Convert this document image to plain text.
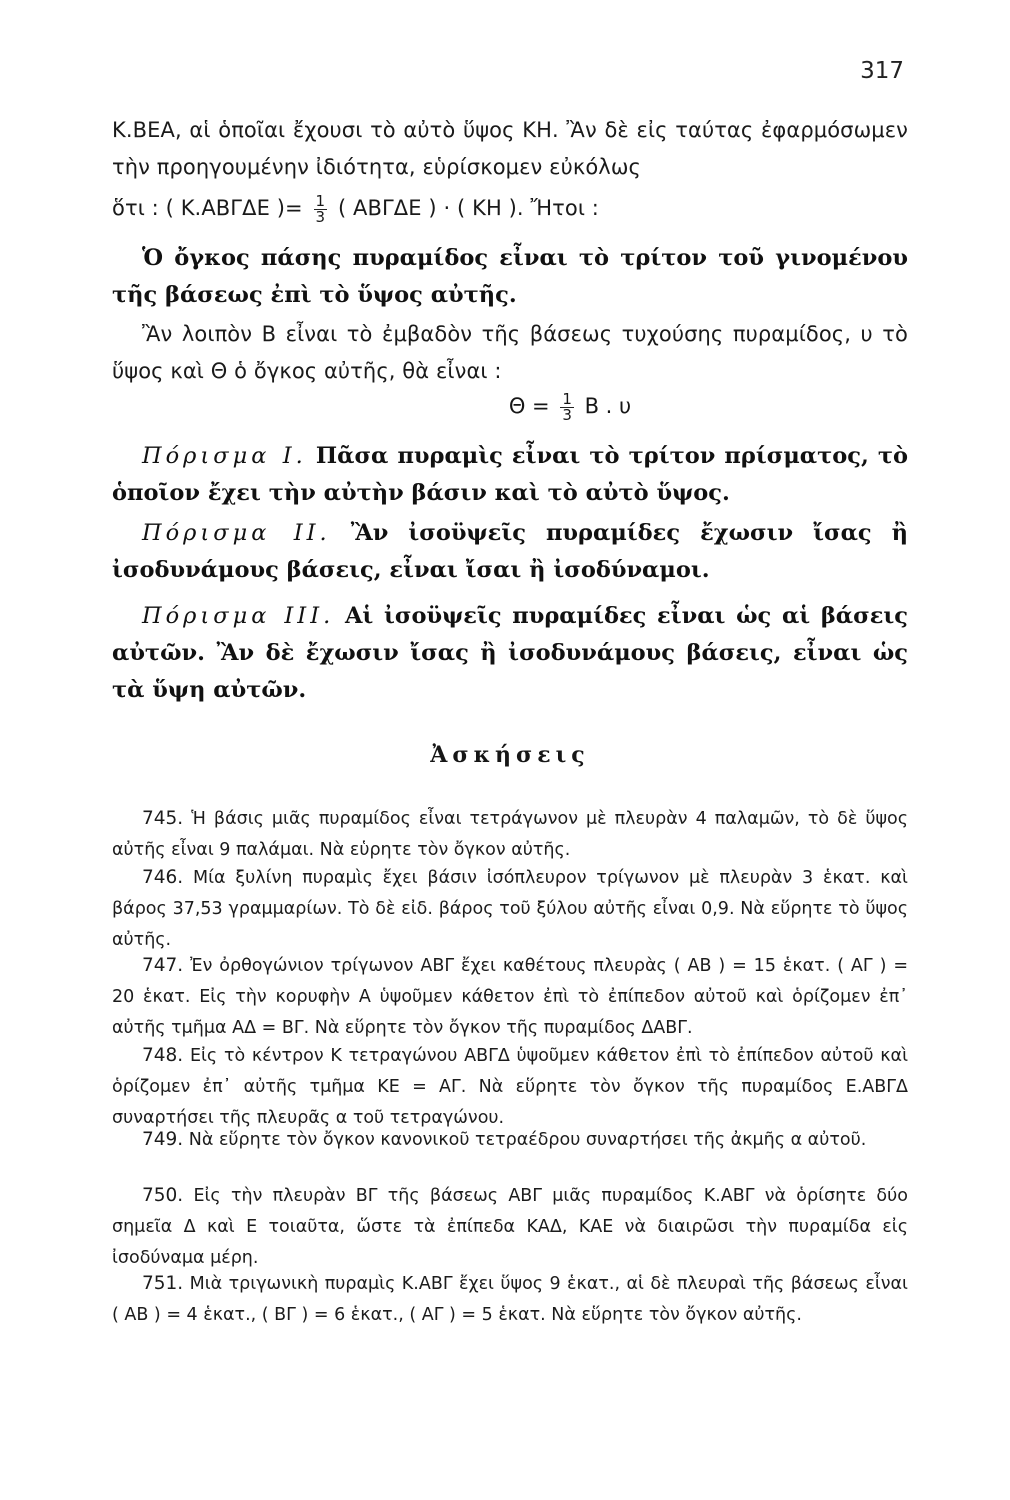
317

Κ.ΒΕΑ, αἱ ὁποῖαι ἔχουσι τὸ αὐτὸ ὕψος ΚΗ. Ἂν δὲ εἰς ταύτας ἐφαρμόσωμεν τὴν προηγουμένην ἰδιότητα, εὑρίσκομεν εὐκόλως

ὅτι : ( Κ.ΑΒΓΔΕ )= $\frac{1}{3}$ ( ΑΒΓΔΕ ) · ( ΚΗ ). Ἤτοι :

Ὁ ὄγκος πάσης πυραμίδος εἶναι τὸ τρίτον τοῦ γινομένου τῆς βάσεως ἐπὶ τὸ ὕψος αὐτῆς.

Ἂν λοιπὸν Β εἶναι τὸ ἐμβαδὸν τῆς βάσεως τυχούσης πυραμίδος, υ τὸ ὕψος καὶ Θ ὁ ὄγκος αὐτῆς, θὰ εἶναι :

$\Theta = \frac{1}{3}$ Β . υ

Πόρισμα Ι. Πᾶσα πυραμὶς εἶναι τὸ τρίτον πρίσματος, τὸ ὁποῖον ἔχει τὴν αὐτὴν βάσιν καὶ τὸ αὐτὸ ὕψος.

Πόρισμα ΙΙ. Ἂν ἰσοϋψεῖς πυραμίδες ἔχωσιν ἴσας ἢ ἰσοδυνάμους βάσεις, εἶναι ἴσαι ἢ ἰσοδύναμοι.

Πόρισμα ΙΙΙ. Αἱ ἰσοϋψεῖς πυραμίδες εἶναι ὡς αἱ βάσεις αὐτῶν. Ἂν δὲ ἔχωσιν ἴσας ἢ ἰσοδυνάμους βάσεις, εἶναι ὡς τὰ ὕψη αὐτῶν.

Ἀσκήσεις

745. Ἡ βάσις μιᾶς πυραμίδος εἶναι τετράγωνον μὲ πλευρὰν 4 παλαμῶν, τὸ δὲ ὕψος αὐτῆς εἶναι 9 παλάμαι. Νὰ εὑρητε τὸν ὄγκον αὐτῆς.

746. Μία ξυλίνη πυραμὶς ἔχει βάσιν ἰσόπλευρον τρίγωνον μὲ πλευρὰν 3 ἑκατ. καὶ βάρος 37,53 γραμμαρίων. Τὸ δὲ εἰδ. βάρος τοῦ ξύλου αὐτῆς εἶναι 0,9. Νὰ εὕρητε τὸ ὕψος αὐτῆς.

747. Ἐν ὀρθογώνιον τρίγωνον ΑΒΓ ἔχει καθέτους πλευρὰς ( ΑΒ ) = 15 ἑκατ. ( ΑΓ ) = 20 ἑκατ. Εἰς τὴν κορυφὴν Α ὑψοῦμεν κάθετον ἐπὶ τὸ ἐπίπεδον αὐτοῦ καὶ ὁρίζομεν ἐπ᾿ αὐτῆς τμῆμα ΑΔ = ΒΓ. Νὰ εὕρητε τὸν ὄγκον τῆς πυραμίδος ΔΑΒΓ.

748. Εἰς τὸ κέντρον Κ τετραγώνου ΑΒΓΔ ὑψοῦμεν κάθετον ἐπὶ τὸ ἐπίπεδον αὐτοῦ καὶ ὁρίζομεν ἐπ᾿ αὐτῆς τμῆμα ΚΕ = ΑΓ. Νὰ εὕρητε τὸν ὄγκον τῆς πυραμίδος Ε.ΑΒΓΔ συναρτήσει τῆς πλευρᾶς α τοῦ τετραγώνου.

749. Νὰ εὕρητε τὸν ὄγκον κανονικοῦ τετραέδρου συναρτήσει τῆς ἀκμῆς α αὐτοῦ.

750. Εἰς τὴν πλευρὰν ΒΓ τῆς βάσεως ΑΒΓ μιᾶς πυραμίδος Κ.ΑΒΓ νὰ ὁρίσητε δύο σημεῖα Δ καὶ Ε τοιαῦτα, ὥστε τὰ ἐπίπεδα ΚΑΔ, ΚΑΕ νὰ διαιρῶσι τὴν πυραμίδα εἰς ἰσοδύναμα μέρη.

751. Μιὰ τριγωνικὴ πυραμὶς Κ.ΑΒΓ ἔχει ὕψος 9 ἑκατ., αἱ δὲ πλευραὶ τῆς βάσεως εἶναι ( ΑΒ ) = 4 ἑκατ., ( ΒΓ ) = 6 ἑκατ., ( ΑΓ ) = 5 ἑκατ. Νὰ εὕρητε τὸν ὄγκον αὐτῆς.
